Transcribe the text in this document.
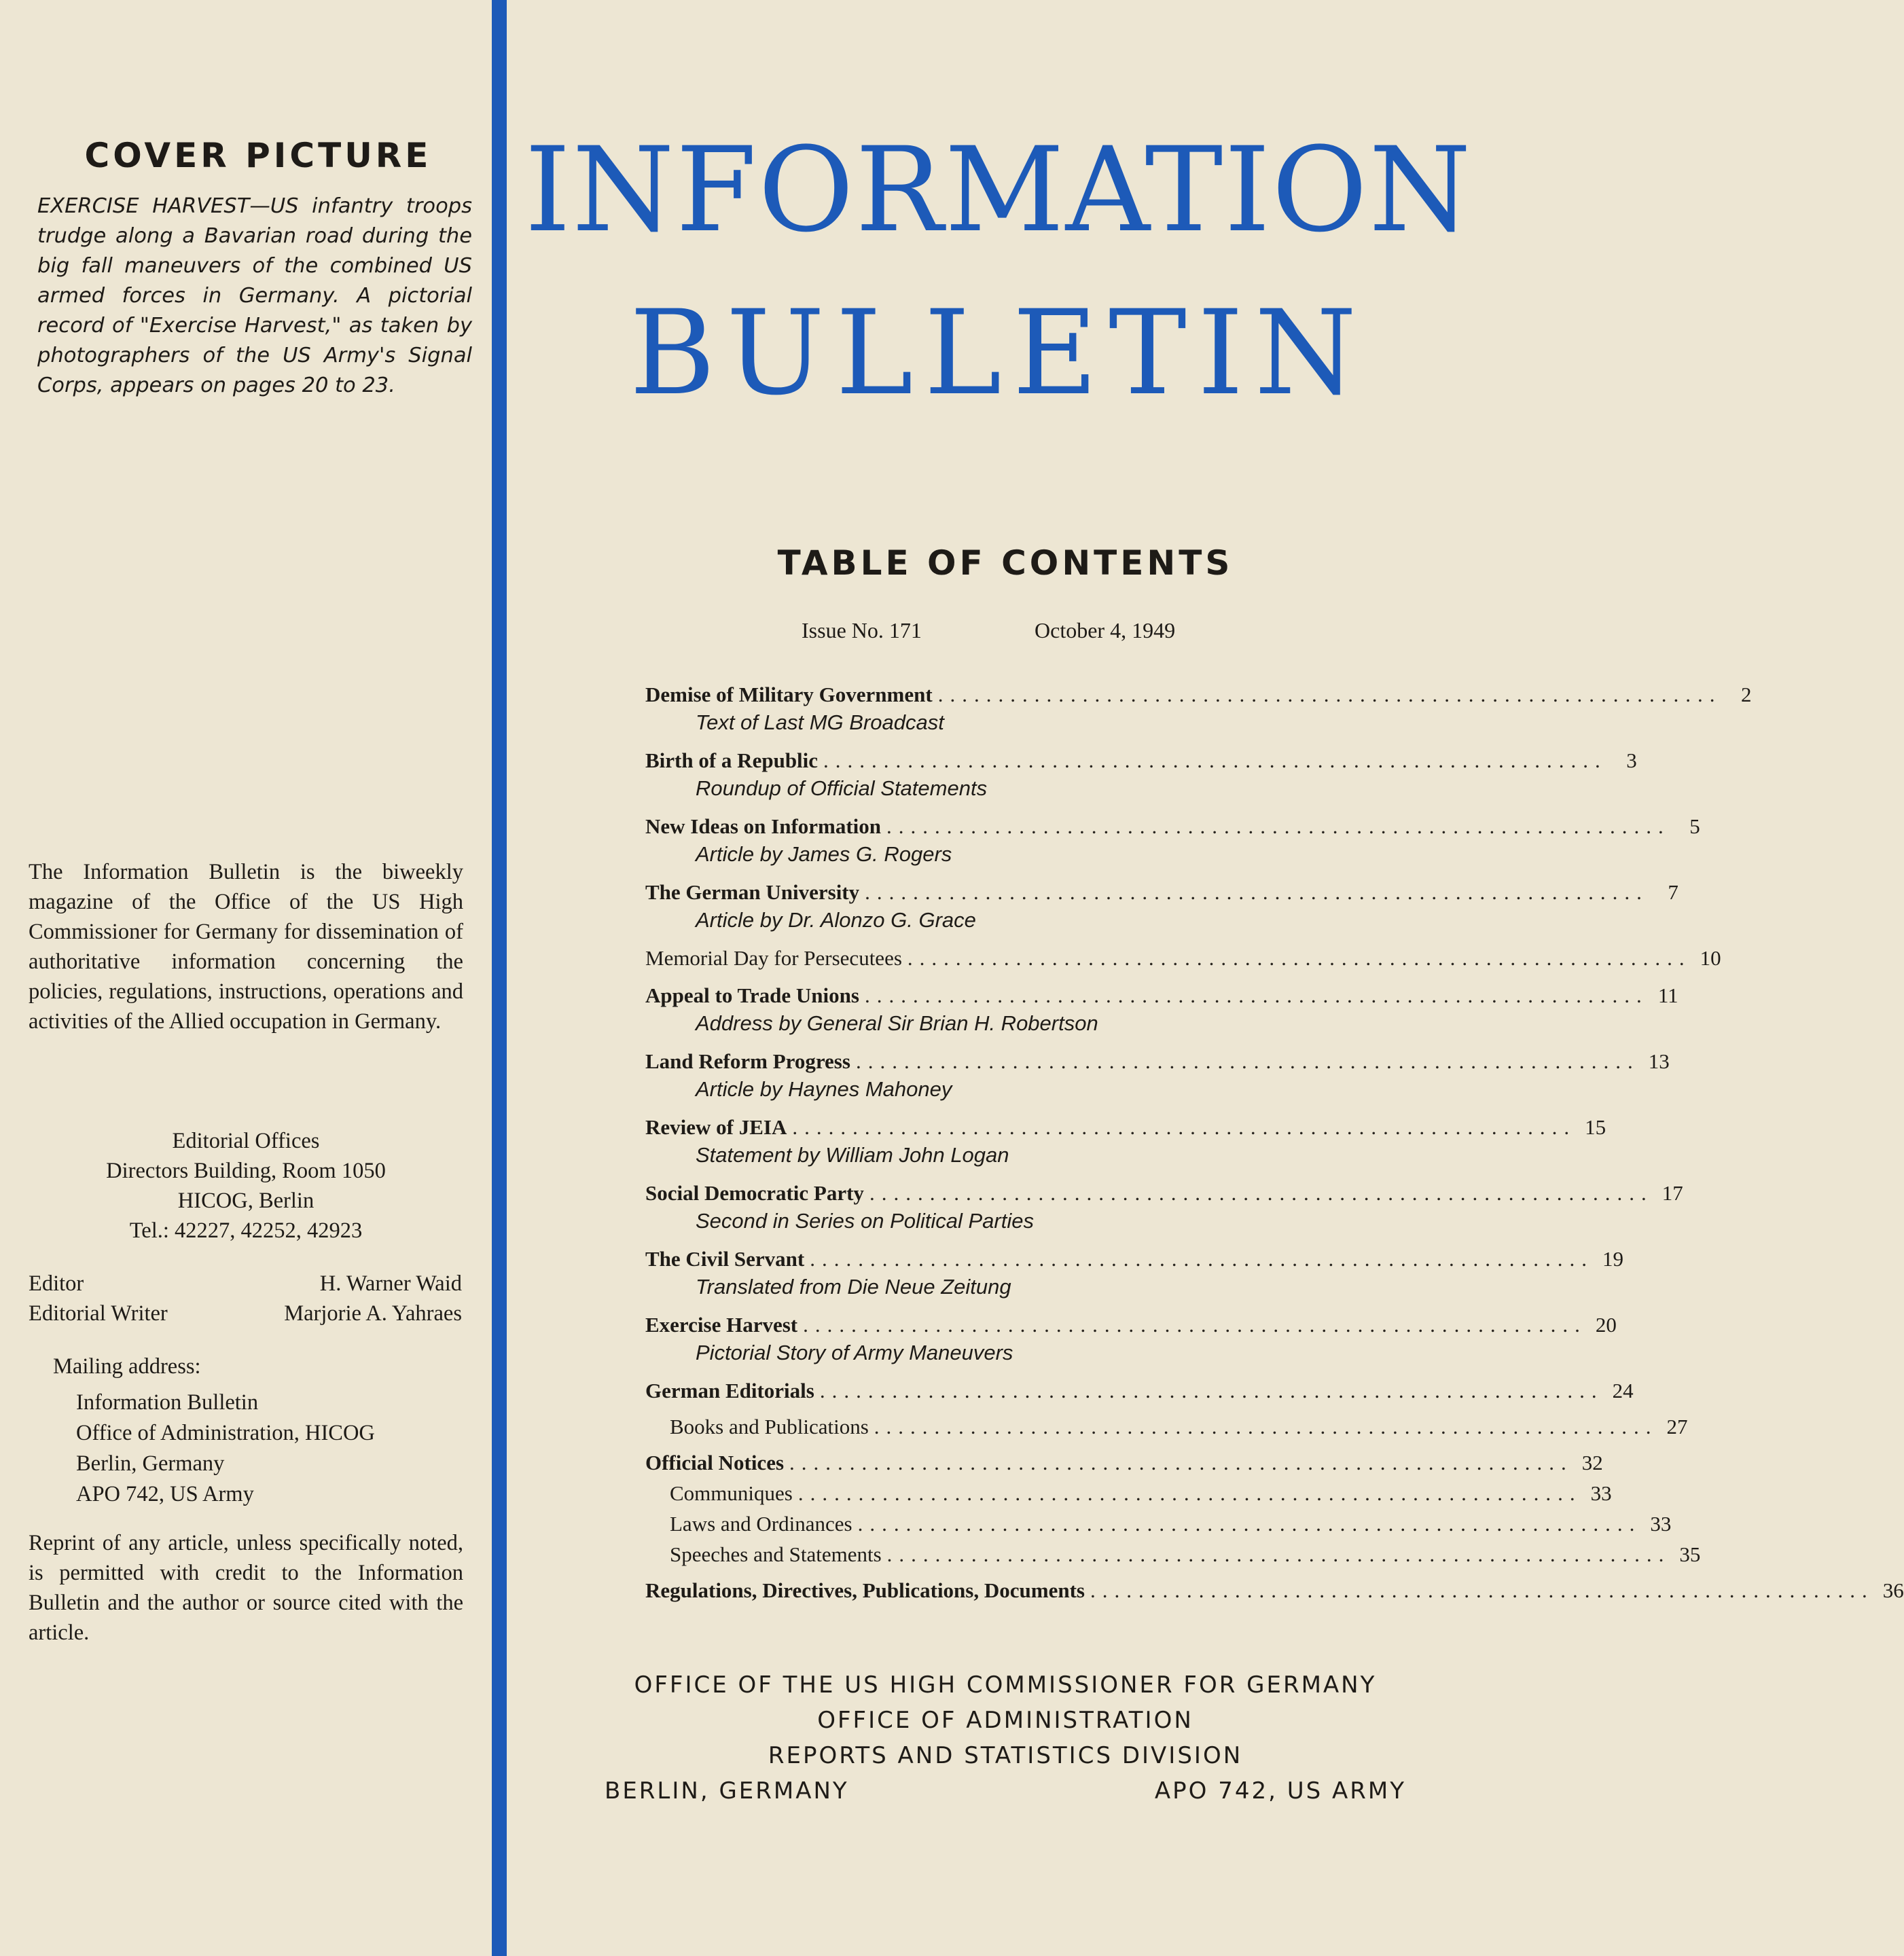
COVER PICTURE
EXERCISE HARVEST—US infantry troops trudge along a Bavarian road during the big fall maneuvers of the combined US armed forces in Germany. A pictorial record of "Exercise Harvest," as taken by photographers of the US Army's Signal Corps, appears on pages 20 to 23.
The Information Bulletin is the biweekly magazine of the Office of the US High Commissioner for Germany for dissemination of authoritative information concerning the policies, regulations, instructions, operations and activities of the Allied occupation in Germany.
Editorial Offices
Directors Building, Room 1050
HICOG, Berlin
Tel.: 42227, 42252, 42923
Editor	H. Warner Waid
Editorial Writer	Marjorie A. Yahraes
Mailing address:
Information Bulletin
Office of Administration, HICOG
Berlin, Germany
APO 742, US Army
Reprint of any article, unless specifically noted, is permitted with credit to the Information Bulletin and the author or source cited with the article.
INFORMATION
BULLETIN
TABLE OF CONTENTS
Issue No. 171	October 4, 1949
Demise of Military Government ................................................................. 2
Text of Last MG Broadcast
Birth of a Republic ................................................................. 3
Roundup of Official Statements
New Ideas on Information ................................................................. 5
Article by James G. Rogers
The German University ................................................................. 7
Article by Dr. Alonzo G. Grace
Memorial Day for Persecutees ................................................................. 10
Appeal to Trade Unions ................................................................. 11
Address by General Sir Brian H. Robertson
Land Reform Progress ................................................................. 13
Article by Haynes Mahoney
Review of JEIA ................................................................. 15
Statement by William John Logan
Social Democratic Party ................................................................. 17
Second in Series on Political Parties
The Civil Servant ................................................................. 19
Translated from Die Neue Zeitung
Exercise Harvest ................................................................. 20
Pictorial Story of Army Maneuvers
German Editorials ................................................................. 24
Books and Publications ................................................................. 27
Official Notices ................................................................. 32
Communiques ................................................................. 33
Laws and Ordinances ................................................................. 33
Speeches and Statements ................................................................. 35
Regulations, Directives, Publications, Documents ................................................................. 36
OFFICE OF THE US HIGH COMMISSIONER FOR GERMANY
OFFICE OF ADMINISTRATION
REPORTS AND STATISTICS DIVISION
BERLIN, GERMANY	APO 742, US ARMY
